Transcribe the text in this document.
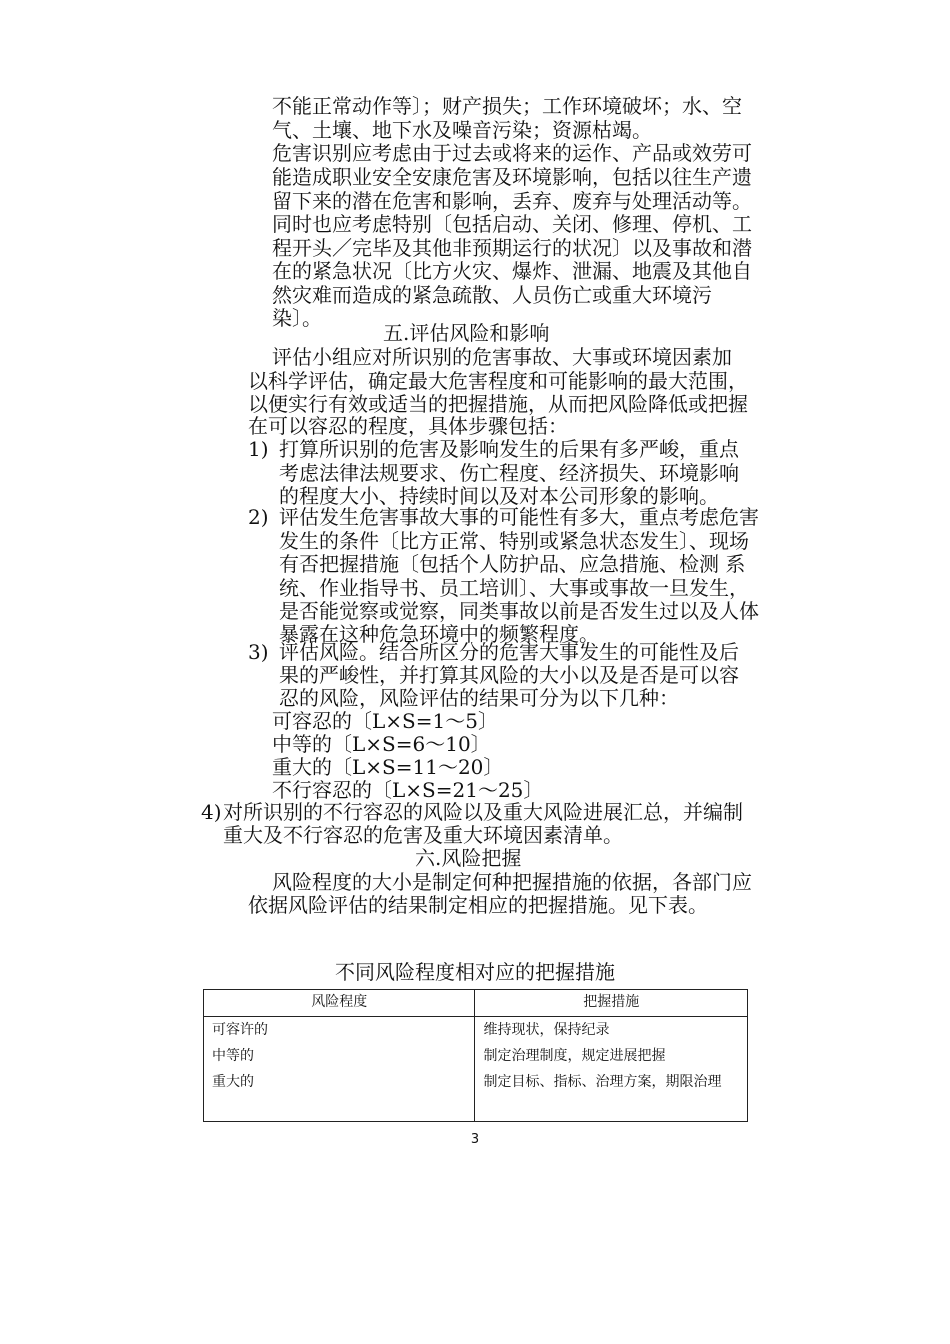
不能正常动作等〕；财产损失；工作环境破坏；水、空
气、土壤、地下水及噪音污染；资源枯竭。
危害识别应考虑由于过去或将来的运作、产品或效劳可
能造成职业安全安康危害及环境影响，包括以往生产遗
留下来的潜在危害和影响，丢弃、废弃与处理活动等。
同时也应考虑特别〔包括启动、关闭、修理、停机、工
程开头／完毕及其他非预期运行的状况〕以及事故和潜
在的紧急状况〔比方火灾、爆炸、泄漏、地震及其他自
然灾难而造成的紧急疏散、人员伤亡或重大环境污
染〕。
五.评估风险和影响
评估小组应对所识别的危害事故、大事或环境因素加
以科学评估，确定最大危害程度和可能影响的最大范围，
以便实行有效或适当的把握措施，从而把风险降低或把握
在可以容忍的程度，具体步骤包括：
1) 打算所识别的危害及影响发生的后果有多严峻，重点
考虑法律法规要求、伤亡程度、经济损失、环境影响
的程度大小、持续时间以及对本公司形象的影响。
2) 评估发生危害事故大事的可能性有多大，重点考虑危害
发生的条件〔比方正常、特别或紧急状态发生〕、现场
有否把握措施〔包括个人防护品、应急措施、检测 系
统、作业指导书、员工培训〕、大事或事故一旦发生，
是否能觉察或觉察，同类事故以前是否发生过以及人体
暴露在这种危急环境中的频繁程度。
3) 评估风险。结合所区分的危害大事发生的可能性及后
果的严峻性，并打算其风险的大小以及是否是可以容
忍的风险，风险评估的结果可分为以下几种：
可容忍的〔L×S=1～5〕
中等的〔L×S=6～10〕
重大的〔L×S=11～20〕
不行容忍的〔L×S=21～25〕
4) 对所识别的不行容忍的风险以及重大风险进展汇总，并编制
重大及不行容忍的危害及重大环境因素清单。
六.风险把握
风险程度的大小是制定何种把握措施的依据，各部门应
依据风险评估的结果制定相应的把握措施。见下表。
不同风险程度相对应的把握措施
风险程度	把握措施
可容许的	维持现状，保持纪录
中等的	制定治理制度，规定进展把握
重大的	制定目标、指标、治理方案，期限治理
3
